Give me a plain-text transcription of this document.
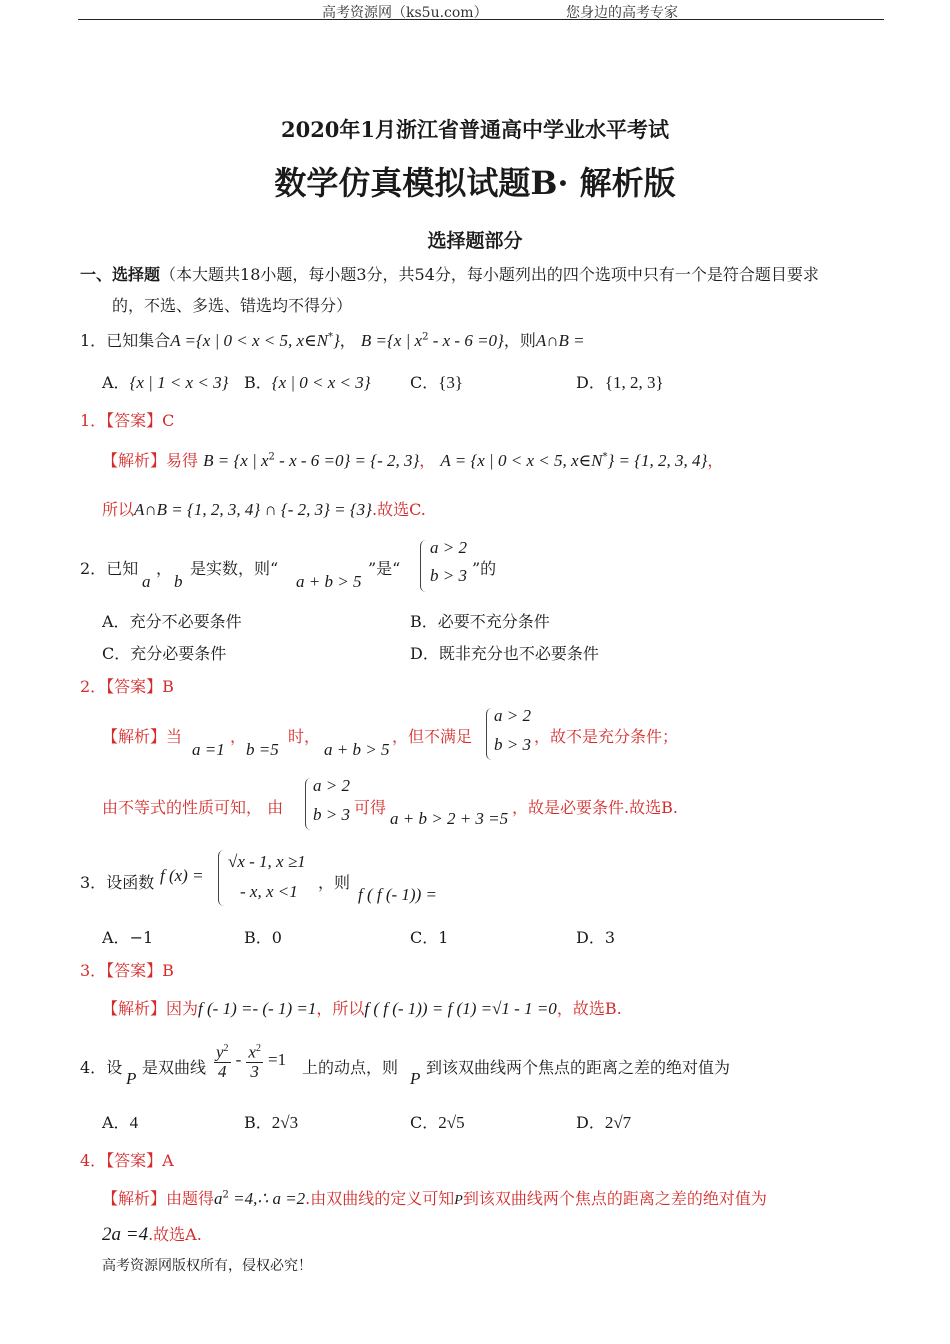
高考资源网（ks5u.com）	您身边的高考专家
2020年1月浙江省普通高中学业水平考试
数学仿真模拟试题B· 解析版
选择题部分
一、选择题（本大题共18小题，每小题3分，共54分，每小题列出的四个选项中只有一个是符合题目要求
的，不选、多选、错选均不得分）
1．已知集合A ={x | 0 < x < 5, x∈N*}， B ={x | $x^2 - x - 6 =0$}，则A∩B =
A．{x | 1 < x < 3} B．{x | 0 < x < 3} C．{3}	D．{1, 2, 3}
1．【答案】C
【解析】易得 B = {x | $x^2 - x - 6 =0$} = {- 2, 3}， A = {x | 0 < x < 5, x∈N*} = {1, 2, 3, 4}，
所以A∩B = {1, 2, 3, 4} ∩ {- 2, 3} = {3}.故选C.
2．已知
a
，
b
是实数，则“
a + b > 5
”是“
a > 2
b > 3 ”的
A．充分不必要条件	B．必要不充分条件
C．充分必要条件	D．既非充分也不必要条件
2．【答案】B
【解析】当
a =1
，
b =5
时，
a + b > 5
，但不满足
a > 2
b > 3 ，故不是充分条件；
由不等式的性质可知， 由
a > 2
b > 3 可得
a + b > 2 + 3 =5
，故是必要条件.故选B.
3．设函数 f (x) =
√x - 1, x ≥1
- x, x <1 ，则
f ( f (- 1)) =
A．−1	B．0	C．1	D．3
3．【答案】B
【解析】因为f (- 1) =- (- 1) =1，所以f ( f (- 1)) = f (1) =√1 - 1 =0，故选B.
4．设
P
是双曲线 $\frac{y^2}{4} - \frac{x^2}{3} =1$ 上的动点，则
P
到该双曲线两个焦点的距离之差的绝对值为
A．4	B．2√3	C．2√5	D．2√7
4．【答案】A
【解析】由题得$a^2$ =4,∴ a =2.由双曲线的定义可知P到该双曲线两个焦点的距离之差的绝对值为
2a =4.故选A.
高考资源网版权所有，侵权必究！
